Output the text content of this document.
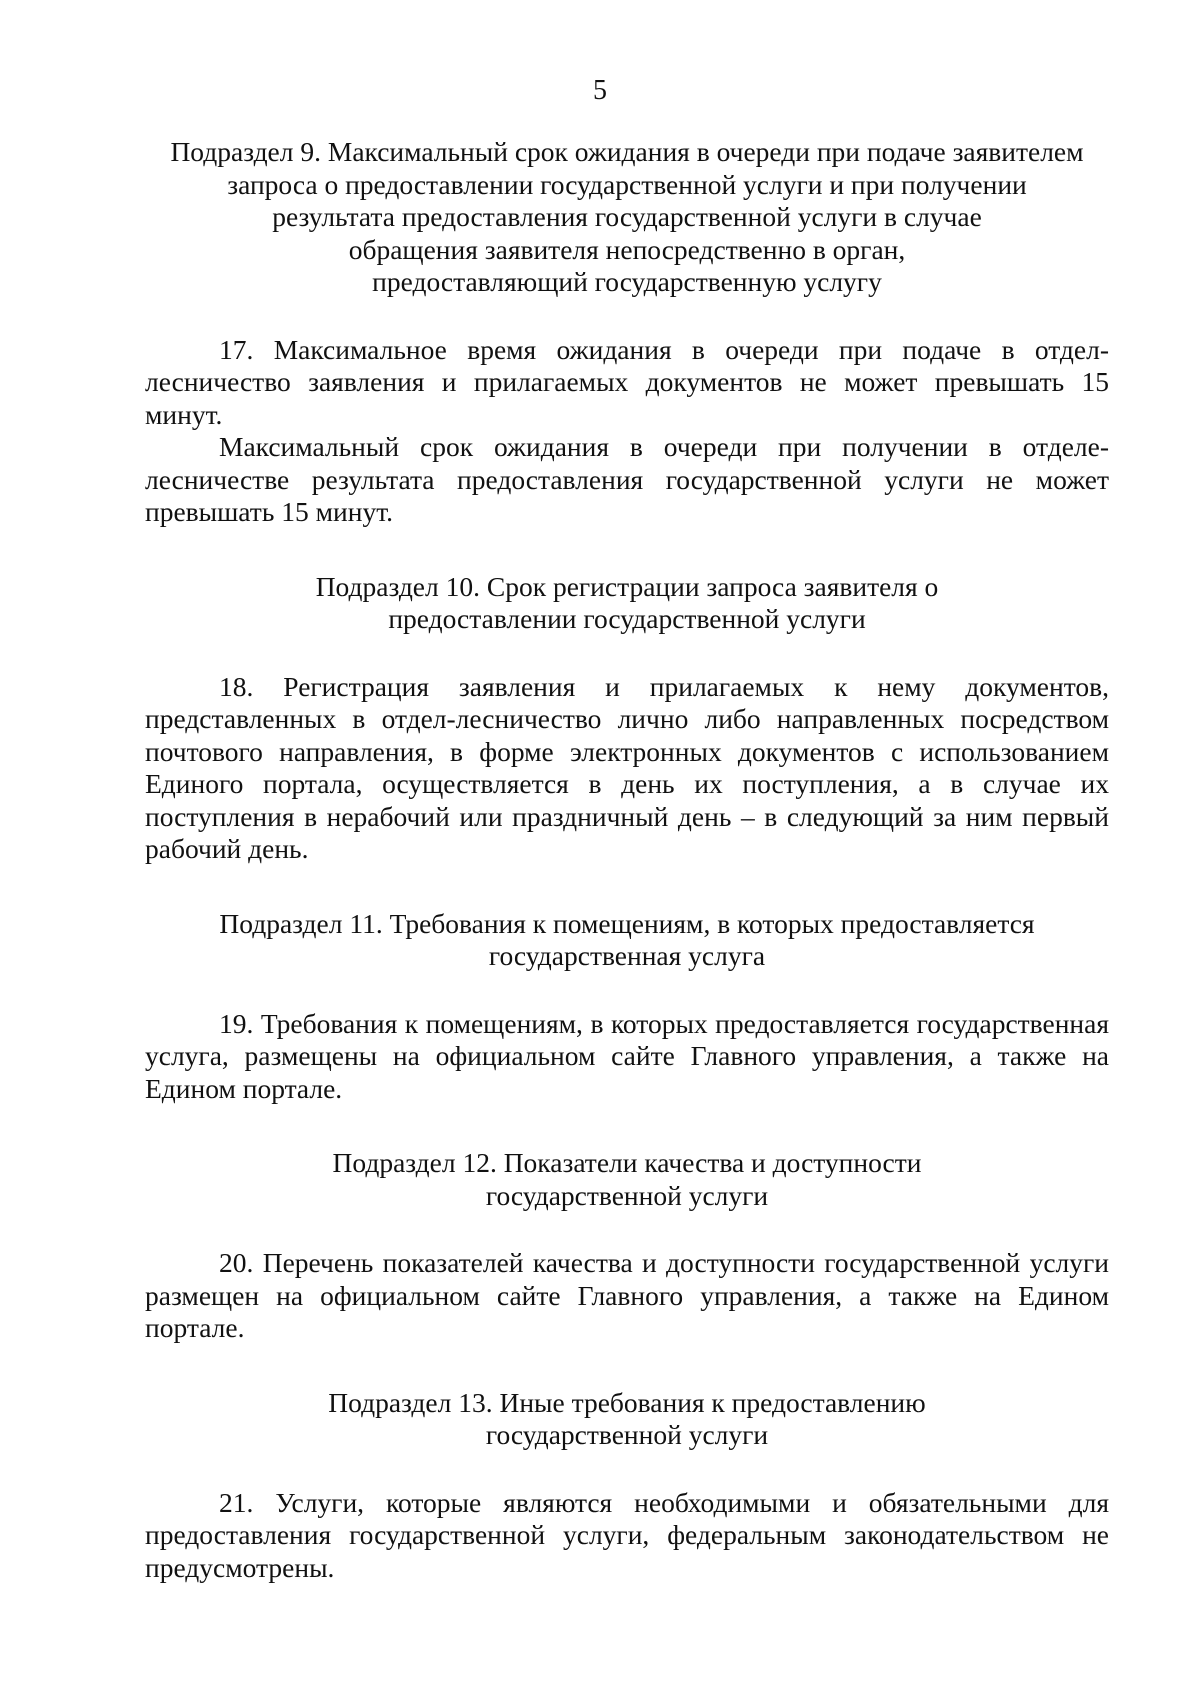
5
Подраздел 9. Максимальный срок ожидания в очереди при подаче заявителем
запроса о предоставлении государственной услуги и при получении
результата предоставления государственной услуги в случае
обращения заявителя непосредственно в орган,
предоставляющий государственную услугу

17. Максимальное время ожидания в очереди при подаче в отдел-лесничество заявления и прилагаемых документов не может превышать 15 минут.

Максимальный срок ожидания в очереди при получении в отделе-лесничестве результата предоставления государственной услуги не может превышать 15 минут.

Подраздел 10. Срок регистрации запроса заявителя о
предоставлении государственной услуги

18. Регистрация заявления и прилагаемых к нему документов, представленных в отдел-лесничество лично либо направленных посредством почтового направления, в форме электронных документов с использованием Единого портала, осуществляется в день их поступления, а в случае их поступления в нерабочий или праздничный день – в следующий за ним первый рабочий день.

Подраздел 11. Требования к помещениям, в которых предоставляется
государственная услуга

19. Требования к помещениям, в которых предоставляется государственная услуга, размещены на официальном сайте Главного управления, а также на Едином портале.

Подраздел 12. Показатели качества и доступности
государственной услуги

20. Перечень показателей качества и доступности государственной услуги размещен на официальном сайте Главного управления, а также на Едином портале.

Подраздел 13. Иные требования к предоставлению
государственной услуги

21. Услуги, которые являются необходимыми и обязательными для предоставления государственной услуги, федеральным законодательством не предусмотрены.
